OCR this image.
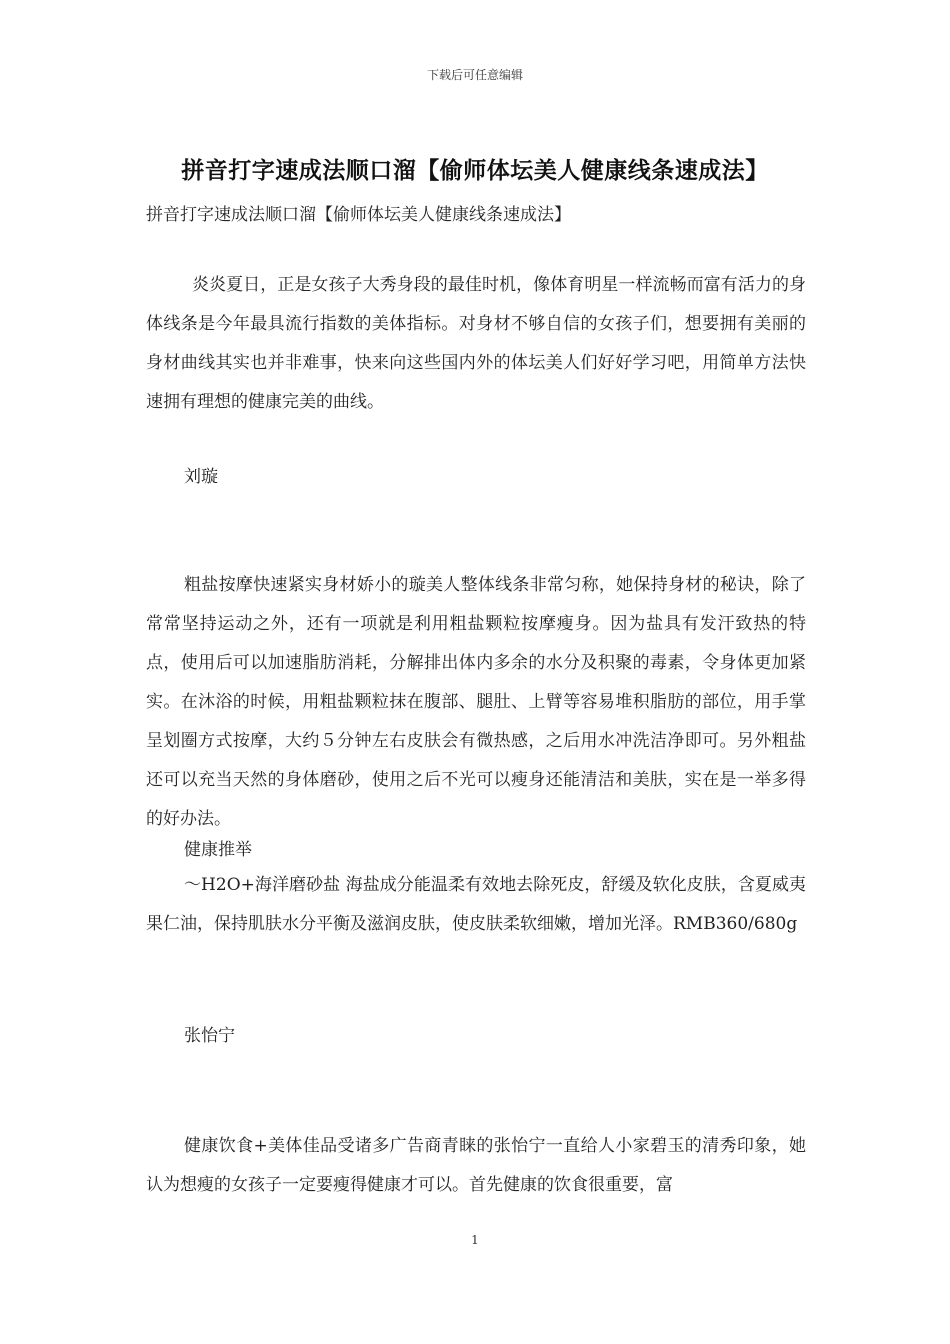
下载后可任意编辑
拼音打字速成法顺口溜【偷师体坛美人健康线条速成法】
拼音打字速成法顺口溜【偷师体坛美人健康线条速成法】
炎炎夏日，正是女孩子大秀身段的最佳时机，像体育明星一样流畅而富有活力的身体线条是今年最具流行指数的美体指标。对身材不够自信的女孩子们，想要拥有美丽的身材曲线其实也并非难事，快来向这些国内外的体坛美人们好好学习吧，用简单方法快速拥有理想的健康完美的曲线。
刘璇
粗盐按摩快速紧实身材娇小的璇美人整体线条非常匀称，她保持身材的秘诀，除了常常坚持运动之外，还有一项就是利用粗盐颗粒按摩瘦身。因为盐具有发汗致热的特点，使用后可以加速脂肪消耗，分解排出体内多余的水分及积聚的毒素，令身体更加紧实。在沐浴的时候，用粗盐颗粒抹在腹部、腿肚、上臂等容易堆积脂肪的部位，用手掌呈划圈方式按摩，大约５分钟左右皮肤会有微热感，之后用水冲洗洁净即可。另外粗盐还可以充当天然的身体磨砂，使用之后不光可以瘦身还能清洁和美肤，实在是一举多得的好办法。
健康推举
～H2O+海洋磨砂盐 海盐成分能温柔有效地去除死皮，舒缓及软化皮肤，含夏威夷果仁油，保持肌肤水分平衡及滋润皮肤，使皮肤柔软细嫩，增加光泽。RMB360/680g
张怡宁
健康饮食+美体佳品受诸多广告商青睐的张怡宁一直给人小家碧玉的清秀印象，她认为想瘦的女孩子一定要瘦得健康才可以。首先健康的饮食很重要，富
1
